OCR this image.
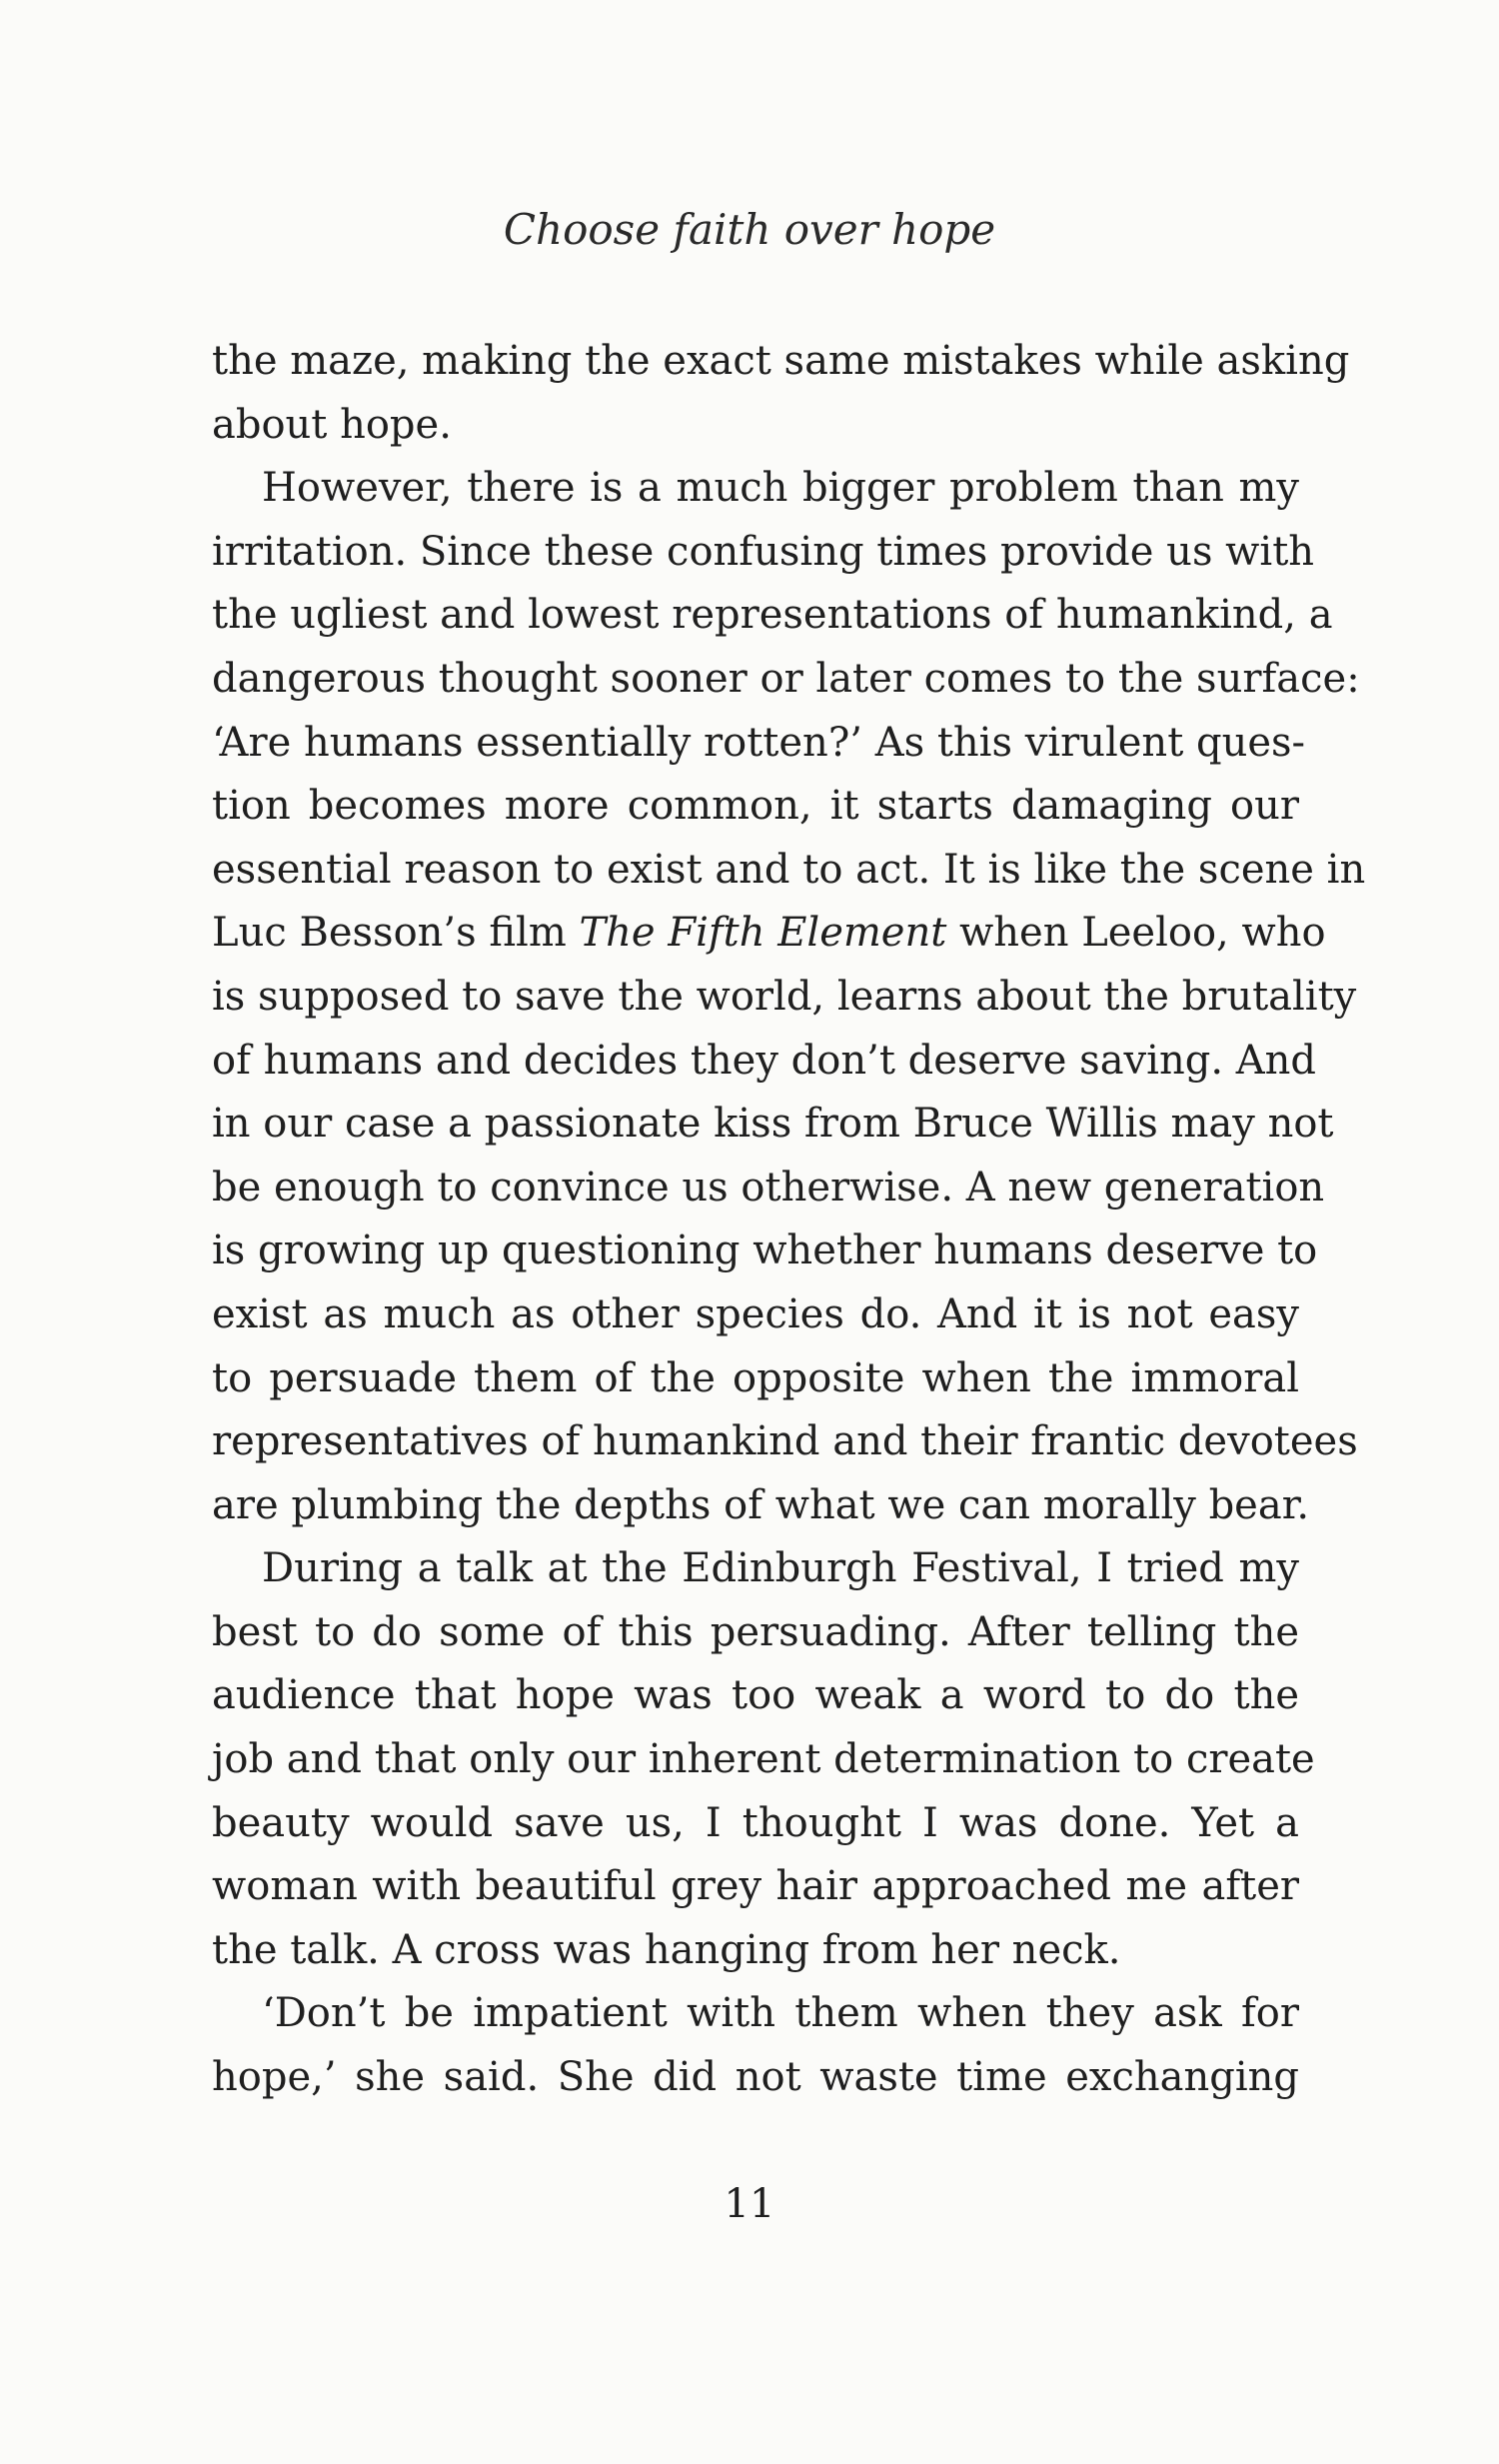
Choose faith over hope
the maze, making the exact same mistakes while asking
about hope.
However, there is a much bigger problem than my
irritation. Since these confusing times provide us with
the ugliest and lowest representations of humankind, a
dangerous thought sooner or later comes to the surface:
‘Are humans essentially rotten?’ As this virulent ques-
tion becomes more common, it starts damaging our
essential reason to exist and to act. It is like the scene in
Luc Besson’s film The Fifth Element when Leeloo, who
is supposed to save the world, learns about the brutality
of humans and decides they don’t deserve saving. And
in our case a passionate kiss from Bruce Willis may not
be enough to convince us otherwise. A new generation
is growing up questioning whether humans deserve to
exist as much as other species do. And it is not easy
to persuade them of the opposite when the immoral
representatives of humankind and their frantic devotees
are plumbing the depths of what we can morally bear.
During a talk at the Edinburgh Festival, I tried my
best to do some of this persuading. After telling the
audience that hope was too weak a word to do the
job and that only our inherent determination to create
beauty would save us, I thought I was done. Yet a
woman with beautiful grey hair approached me after
the talk. A cross was hanging from her neck.
‘Don’t be impatient with them when they ask for
hope,’ she said. She did not waste time exchanging
11
